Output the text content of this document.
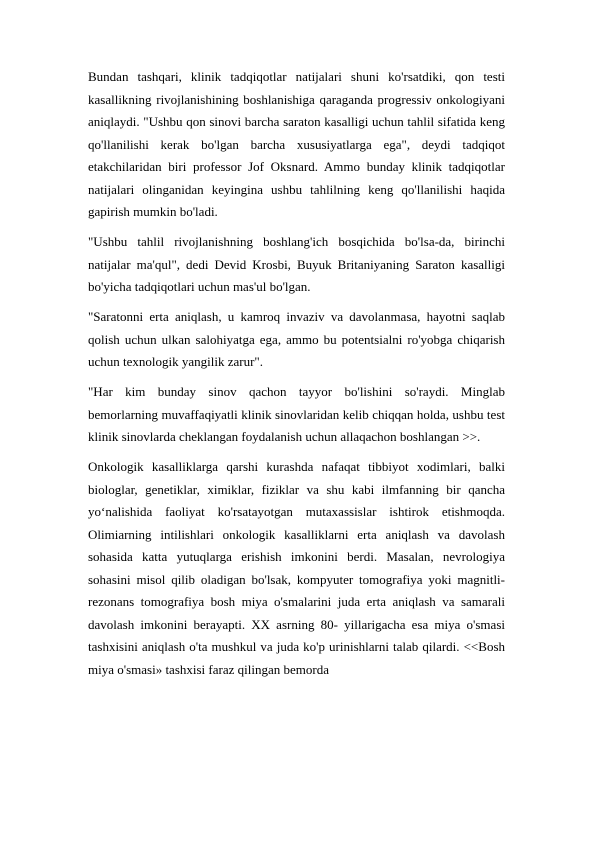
Bundan tashqari, klinik tadqiqotlar natijalari shuni ko'rsatdiki, qon testi kasallikning rivojlanishining boshlanishiga qaraganda progressiv onkologiyani aniqlaydi. "Ushbu qon sinovi barcha saraton kasalligi uchun tahlil sifatida keng qo'llanilishi kerak bo'lgan barcha xususiyatlarga ega", deydi tadqiqot etakchilaridan biri professor Jof Oksnard. Ammo bunday klinik tadqiqotlar natijalari olinganidan keyingina ushbu tahlilning keng qo'llanilishi haqida gapirish mumkin bo'ladi.

"Ushbu tahlil rivojlanishning boshlang'ich bosqichida bo'lsa-da, birinchi natijalar ma'qul", dedi Devid Krosbi, Buyuk Britaniyaning Saraton kasalligi bo'yicha tadqiqotlari uchun mas'ul bo'lgan.

"Saratonni erta aniqlash, u kamroq invaziv va davolanmasa, hayotni saqlab qolish uchun ulkan salohiyatga ega, ammo bu potentsialni ro'yobga chiqarish uchun texnologik yangilik zarur".

"Har kim bunday sinov qachon tayyor bo'lishini so'raydi. Minglab bemorlarning muvaffaqiyatli klinik sinovlaridan kelib chiqqan holda, ushbu test klinik sinovlarda cheklangan foydalanish uchun allaqachon boshlangan >>.

Onkologik kasalliklarga qarshi kurashda nafaqat tibbiyot xodimlari, balki biologlar, genetiklar, ximiklar, fiziklar va shu kabi ilmfanning bir qancha yo‘nalishida faoliyat ko'rsatayotgan mutaxassislar ishtirok etishmoqda. Olimiarning intilishlari onkologik kasalliklarni erta aniqlash va davolash sohasida katta yutuqlarga erishish imkonini berdi. Masalan, nevrologiya sohasini misol qilib oladigan bo'lsak, kompyuter tomografiya yoki magnitli-rezonans tomografiya bosh miya o'smalarini juda erta aniqlash va samarali davolash imkonini berayapti. XX asrning 80- yillarigacha esa miya o'smasi tashxisini aniqlash o'ta mushkul va juda ko'p urinishlarni talab qilardi. <<Bosh miya o'smasi» tashxisi faraz qilingan bemorda
